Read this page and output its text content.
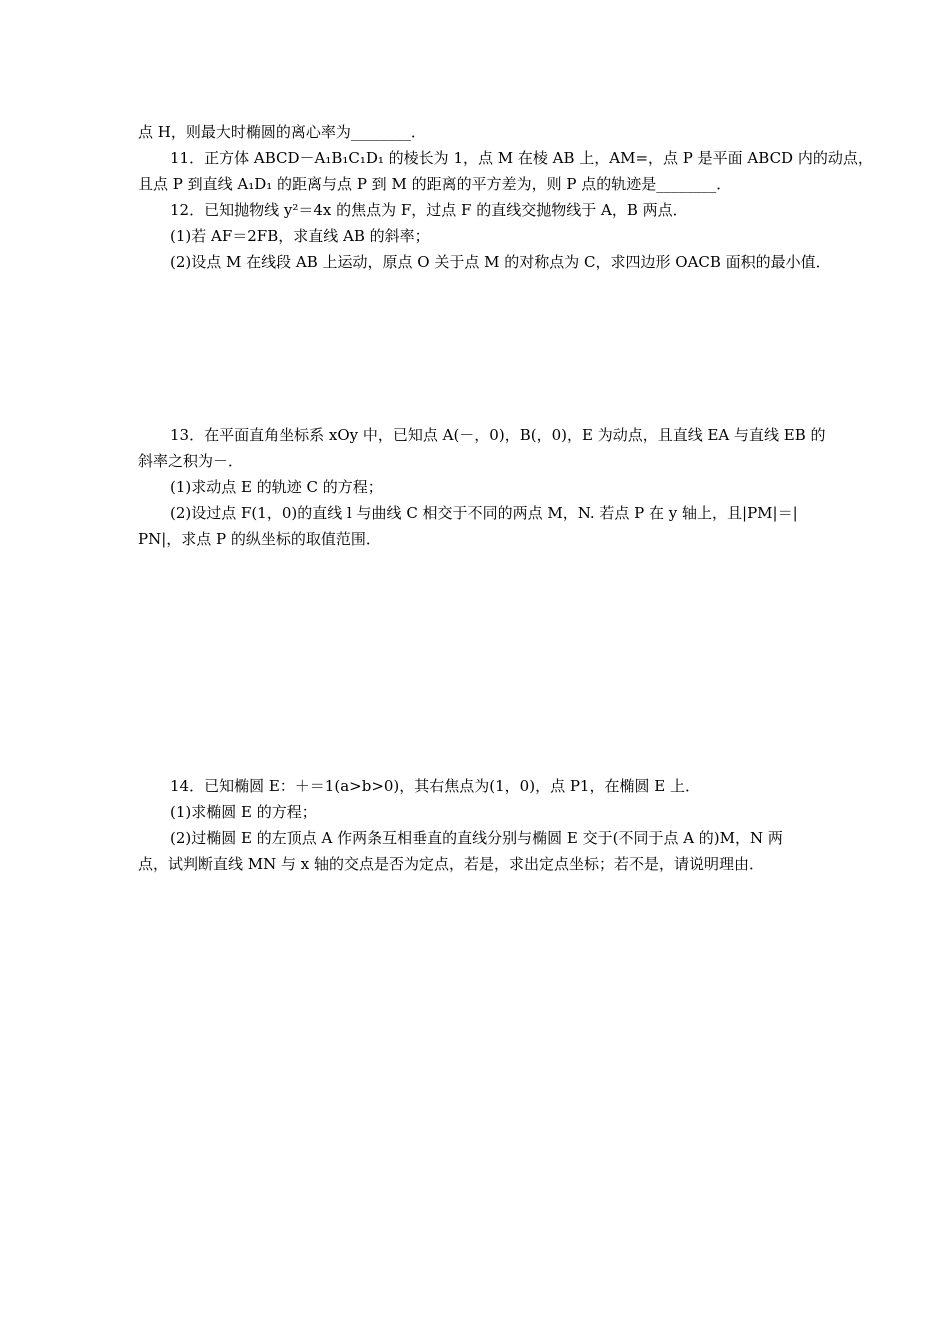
点 H，则最大时椭圆的离心率为________．
11．正方体 ABCD－A₁B₁C₁D₁ 的棱长为 1，点 M 在棱 AB 上，AM=，点 P 是平面 ABCD 内的动点，
且点 P 到直线 A₁D₁ 的距离与点 P 到 M 的距离的平方差为，则 P 点的轨迹是________．
12．已知抛物线 y²＝4x 的焦点为 F，过点 F 的直线交抛物线于 A，B 两点．
(1)若 AF＝2FB，求直线 AB 的斜率；
(2)设点 M 在线段 AB 上运动，原点 O 关于点 M 的对称点为 C，求四边形 OACB 面积的最小值．
13．在平面直角坐标系 xOy 中，已知点 A(－，0)，B(，0)，E 为动点，且直线 EA 与直线 EB 的
斜率之积为－．
(1)求动点 E 的轨迹 C 的方程；
(2)设过点 F(1，0)的直线 l 与曲线 C 相交于不同的两点 M，N. 若点 P 在 y 轴上，且|PM|＝|
PN|，求点 P 的纵坐标的取值范围．
14．已知椭圆 E：＋＝1(a>b>0)，其右焦点为(1，0)，点 P1，在椭圆 E 上．
(1)求椭圆 E 的方程；
(2)过椭圆 E 的左顶点 A 作两条互相垂直的直线分别与椭圆 E 交于(不同于点 A 的)M，N 两
点，试判断直线 MN 与 x 轴的交点是否为定点，若是，求出定点坐标；若不是，请说明理由．
